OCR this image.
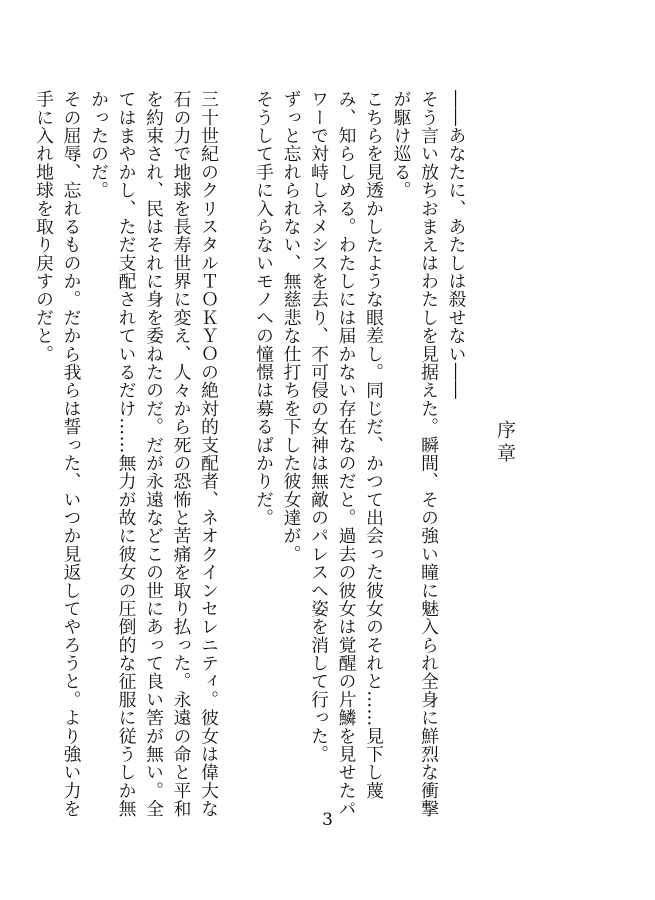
序章

――あなたに、あたしは殺せない――

そう言い放ちおまえはわたしを見据えた。瞬間、その強い瞳に魅入られ全身に鮮烈な衝撃が駆け巡る。

こちらを見透かしたような眼差し。同じだ、かつて出会った彼女のそれと……見下し蔑み、知らしめる。わたしには届かない存在なのだと。過去の彼女は覚醒の片鱗を見せたパワーで対峙しネメシスを去り、不可侵の女神は無敵のパレスへ姿を消して行った。

ずっと忘れられない、無慈悲な仕打ちを下した彼女達が。

そうして手に入らないモノへの憧憬は募るばかりだ。

三十世紀のクリスタルＴＯＫＹＯの絶対的支配者、ネオクインセレニティ。彼女は偉大な石の力で地球を長寿世界に変え、人々から死の恐怖と苦痛を取り払った。永遠の命と平和を約束され、民はそれに身を委ねたのだ。だが永遠などこの世にあって良い筈が無い。全てはまやかし、ただ支配されているだけ……無力が故に彼女の圧倒的な征服に従うしか無かったのだ。

その屈辱、忘れるものか。だから我らは誓った、いつか見返してやろうと。より強い力を手に入れ地球を取り戻すのだと。

3
